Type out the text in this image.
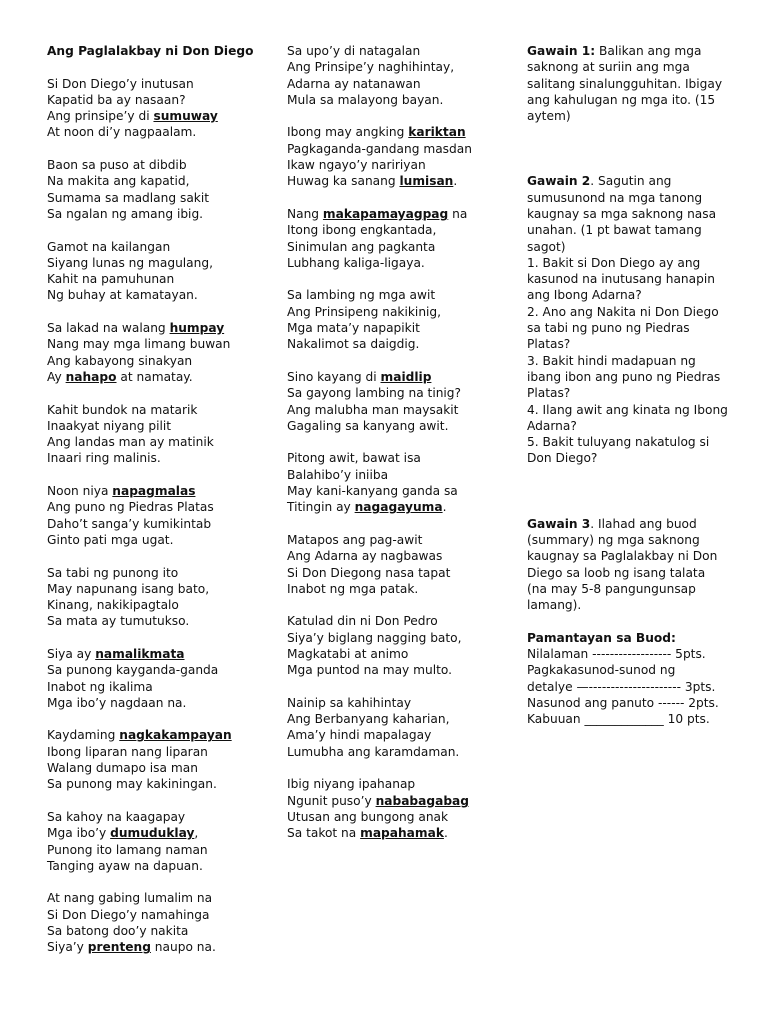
Ang Paglalakbay ni Don Diego
Si Don Diego’y inutusan
Kapatid ba ay nasaan?
Ang prinsipe’y di sumuway
At noon di’y nagpaalam.
Baon sa puso at dibdib
Na makita ang kapatid,
Sumama sa madlang sakit
Sa ngalan ng amang ibig.
Gamot na kailangan
Siyang lunas ng magulang,
Kahit na pamuhunan
Ng buhay at kamatayan.
Sa lakad na walang humpay
Nang may mga limang buwan
Ang kabayong sinakyan
Ay nahapo at namatay.
Kahit bundok na matarik
Inaakyat niyang pilit
Ang landas man ay matinik
Inaari ring malinis.
Noon niya napagmalas
Ang puno ng Piedras Platas
Daho’t sanga’y kumikintab
Ginto pati mga ugat.
Sa tabi ng punong ito
May napunang isang bato,
Kinang, nakikipagtalo
Sa mata ay tumutukso.
Siya ay namalikmata
Sa punong kayganda-ganda
Inabot ng ikalima
Mga ibo’y nagdaan na.
Kaydaming nagkakampayan
Ibong liparan nang liparan
Walang dumapo isa man
Sa punong may kakiningan.
Sa kahoy na kaagapay
Mga ibo’y dumuduklay,
Punong ito lamang naman
Tanging ayaw na dapuan.
At nang gabing lumalim na
Si Don Diego’y namahinga
Sa batong doo’y nakita
Siya’y prenteng naupo na.
Sa upo’y di natagalan
Ang Prinsipe’y naghihintay,
Adarna ay natanawan
Mula sa malayong bayan.
Ibong may angking kariktan
Pagkaganda-gandang masdan
Ikaw ngayo’y naririyan
Huwag ka sanang lumisan.
Nang makapamayagpag na
Itong ibong engkantada,
Sinimulan ang pagkanta
Lubhang kaliga-ligaya.
Sa lambing ng mga awit
Ang Prinsipeng nakikinig,
Mga mata’y napapikit
Nakalimot sa daigdig.
Sino kayang di maidlip
Sa gayong lambing na tinig?
Ang malubha man maysakit
Gagaling sa kanyang awit.
Pitong awit, bawat isa
Balahibo’y iniiba
May kani-kanyang ganda sa
Titingin ay nagagayuma.
Matapos ang pag-awit
Ang Adarna ay nagbawas
Si Don Diegong nasa tapat
Inabot ng mga patak.
Katulad din ni Don Pedro
Siya’y biglang nagging bato,
Magkatabi at animo
Mga puntod na may multo.
Nainip sa kahihintay
Ang Berbanyang kaharian,
Ama’y hindi mapalagay
Lumubha ang karamdaman.
Ibig niyang ipahanap
Ngunit puso’y nababagabag
Utusan ang bungong anak
Sa takot na mapahamak.
Gawain 1: Balikan ang mga
saknong at suriin ang mga
salitang sinalungguhitan. Ibigay
ang kahulugan ng mga ito. (15
aytem)
Gawain 2. Sagutin ang
sumusunond na mga tanong
kaugnay sa mga saknong nasa
unahan. (1 pt bawat tamang
sagot)
1. Bakit si Don Diego ay ang
kasunod na inutusang hanapin
ang Ibong Adarna?
2. Ano ang Nakita ni Don Diego
sa tabi ng puno ng Piedras
Platas?
3. Bakit hindi madapuan ng
ibang ibon ang puno ng Piedras
Platas?
4. Ilang awit ang kinata ng Ibong
Adarna?
5. Bakit tuluyang nakatulog si
Don Diego?
Gawain 3. Ilahad ang buod
(summary) ng mga saknong
kaugnay sa Paglalakbay ni Don
Diego sa loob ng isang talata
(na may 5-8 pangungunsap
lamang).
Pamantayan sa Buod:
Nilalaman ------------------ 5pts.
Pagkakasunod-sunod ng
detalye —--------------------- 3pts.
Nasunod ang panuto ------ 2pts.
Kabuuan _____________ 10 pts.
